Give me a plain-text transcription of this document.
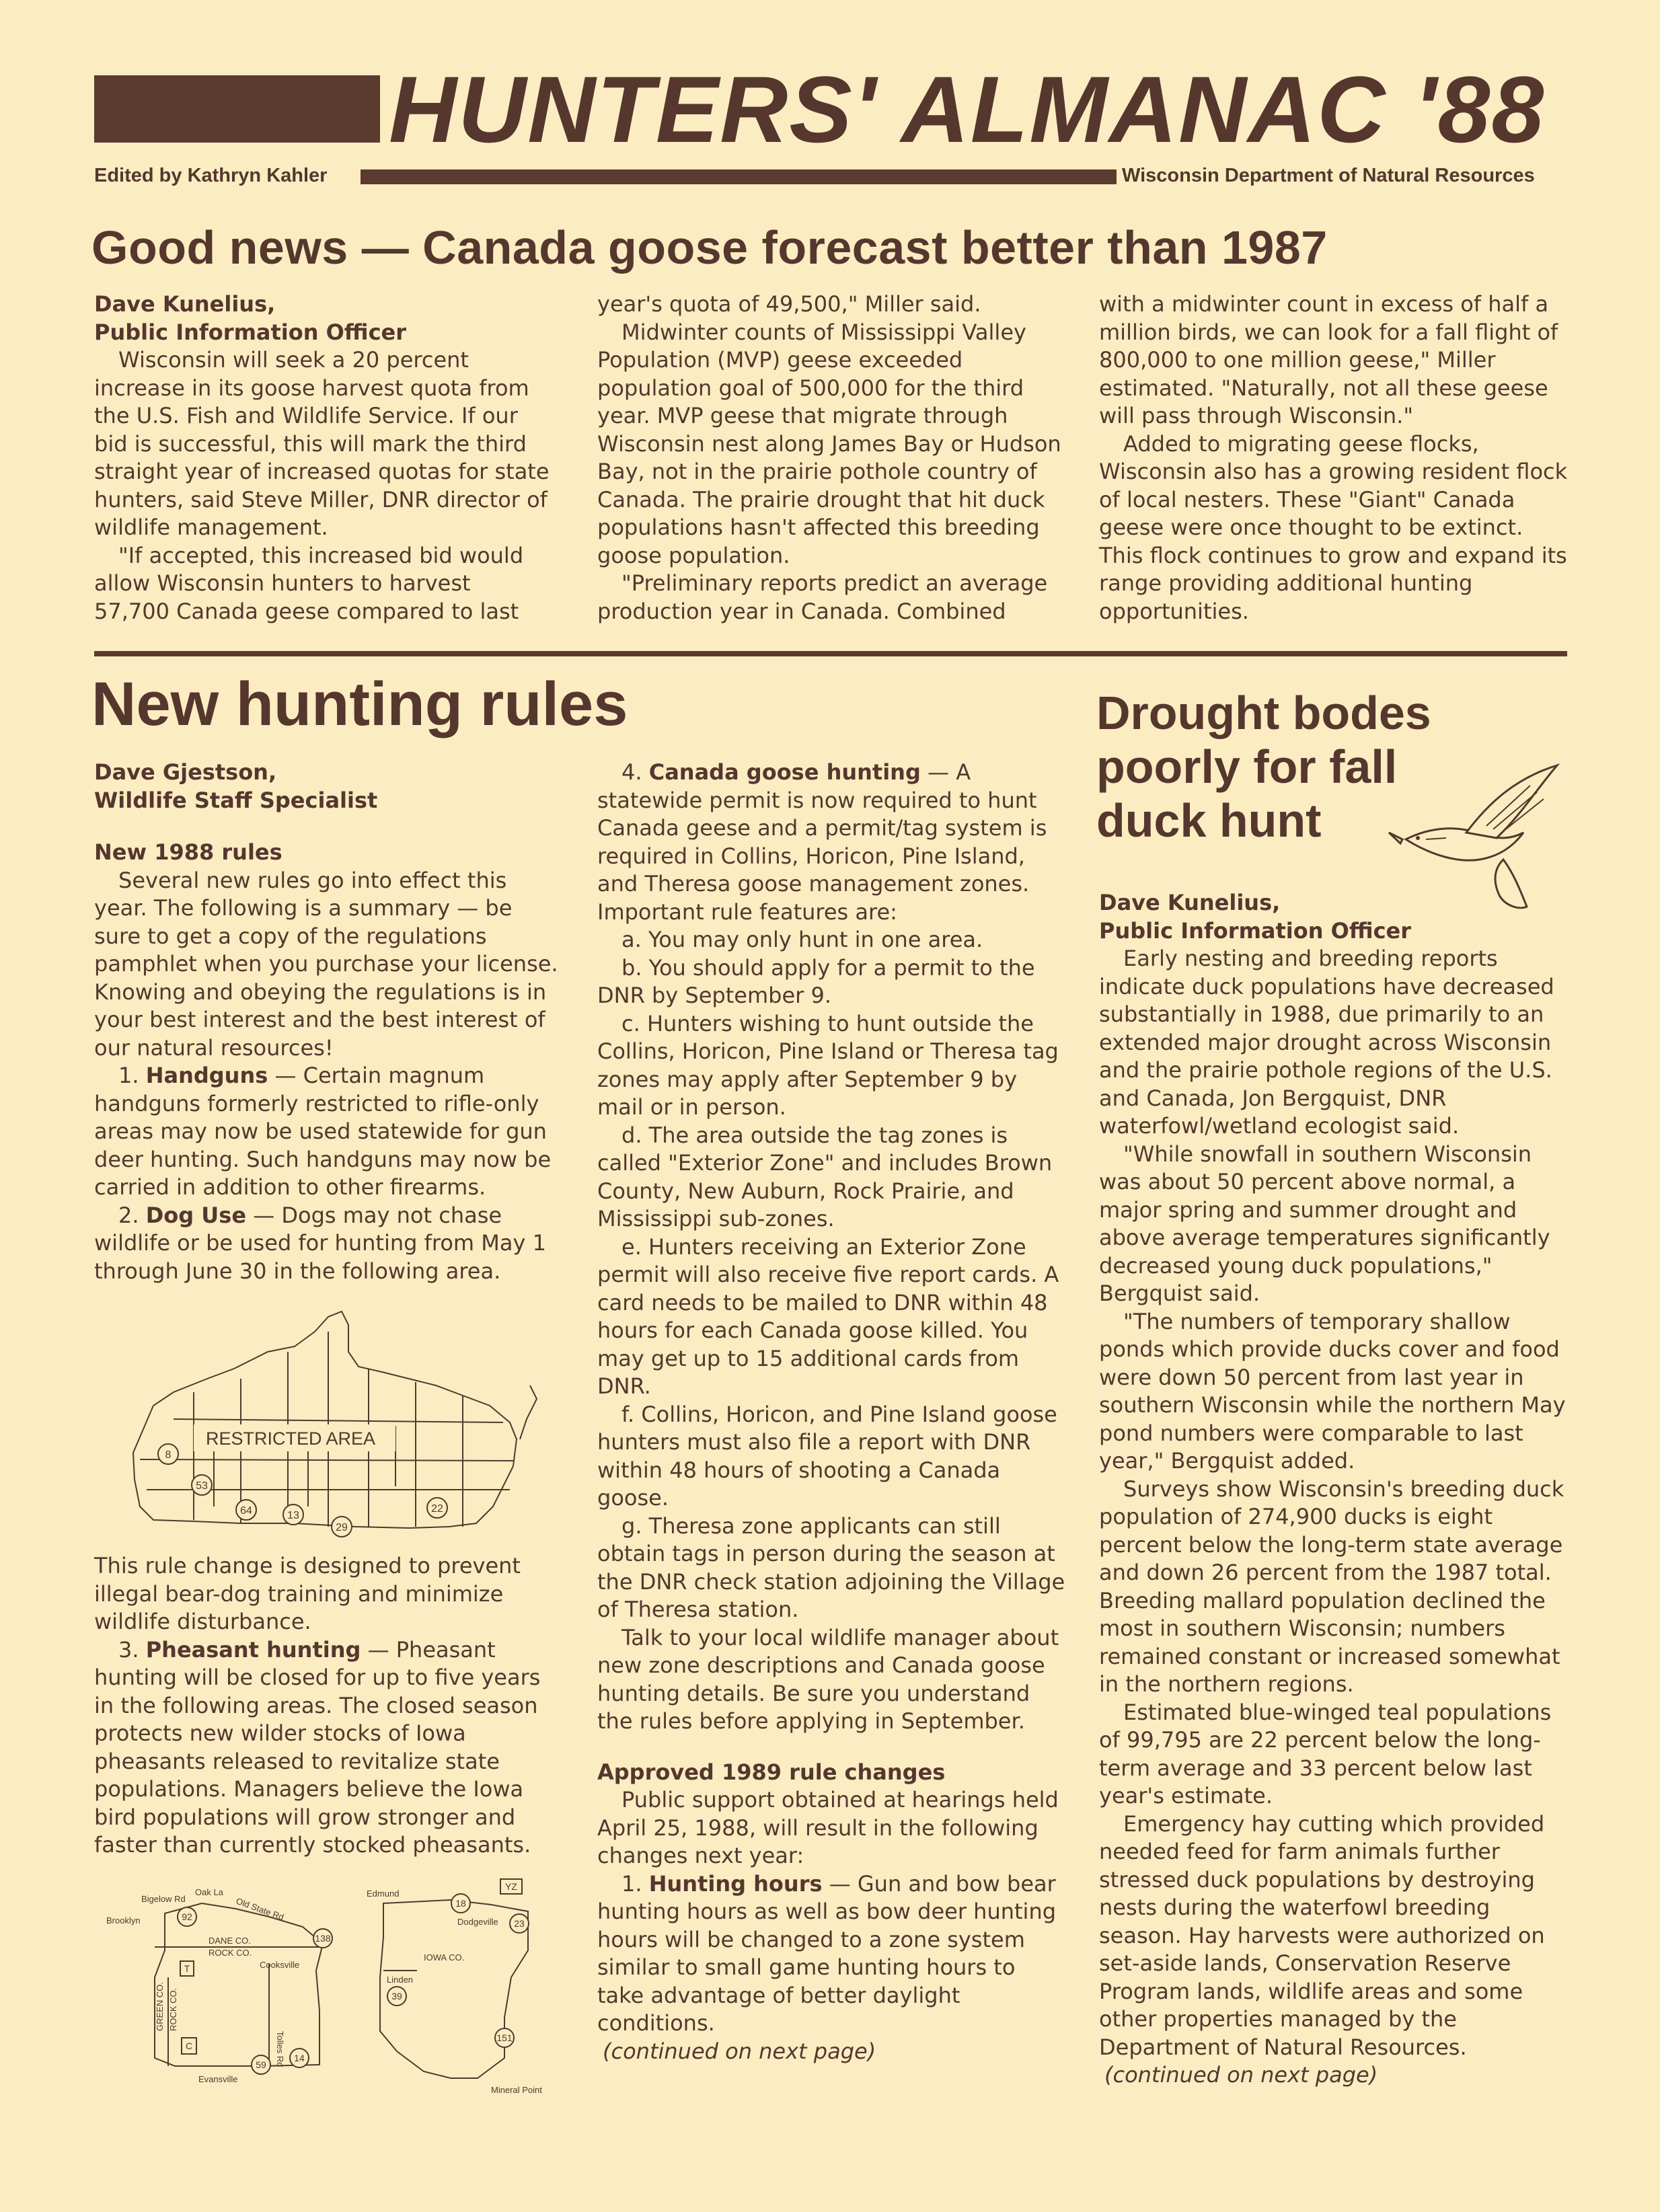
HUNTERS' ALMANAC '88
Edited by Kathryn Kahler	Wisconsin Department of Natural Resources
Good news — Canada goose forecast better than 1987

Dave Kunelius,

Public Information Officer

Wisconsin will seek a 20 percent increase in its goose harvest quota from the U.S. Fish and Wildlife Service. If our bid is successful, this will mark the third straight year of increased quotas for state hunters, said Steve Miller, DNR director of wildlife management.

"If accepted, this increased bid would allow Wisconsin hunters to harvest 57,700 Canada geese compared to last

year's quota of 49,500," Miller said.

Midwinter counts of Mississippi Valley Population (MVP) geese exceeded population goal of 500,000 for the third year. MVP geese that migrate through Wisconsin nest along James Bay or Hudson Bay, not in the prairie pothole country of Canada. The prairie drought that hit duck populations hasn't affected this breeding goose population.

"Preliminary reports predict an average production year in Canada. Combined

with a midwinter count in excess of half a million birds, we can look for a fall flight of 800,000 to one million geese," Miller estimated. "Naturally, not all these geese will pass through Wisconsin."

Added to migrating geese flocks, Wisconsin also has a growing resident flock of local nesters. These "Giant" Canada geese were once thought to be extinct. This flock continues to grow and expand its range providing additional hunting opportunities.

New hunting rules

Dave Gjestson,

Wildlife Staff Specialist

New 1988 rules

Several new rules go into effect this year. The following is a summary — be sure to get a copy of the regulations pamphlet when you purchase your license. Knowing and obeying the regulations is in your best interest and the best interest of our natural resources!

1. Handguns — Certain magnum handguns formerly restricted to rifle-only areas may now be used statewide for gun deer hunting. Such handguns may now be carried in addition to other firearms.

2. Dog Use — Dogs may not chase wildlife or be used for hunting from May 1 through June 30 in the following area.

RESTRICTED AREA
8
53
64	13
29
22

This rule change is designed to prevent illegal bear-dog training and minimize wildlife disturbance.

3. Pheasant hunting — Pheasant hunting will be closed for up to five years in the following areas. The closed season protects new wilder stocks of Iowa pheasants released to revitalize state populations. Managers believe the Iowa bird populations will grow stronger and faster than currently stocked pheasants.

92
138
59
14
C
T
18
23
39
151
YZ
Oak La
Bigelow Rd	Old State Rd
Brooklyn
DANE CO.
ROCK CO.
Cooksville
GREEN CO. ROCK CO.
Tolles Rd
Evansville
Edmund
Dodgeville
IOWA CO.
Linden
Mineral Point

4. Canada goose hunting — A statewide permit is now required to hunt Canada geese and a permit/tag system is required in Collins, Horicon, Pine Island, and Theresa goose management zones. Important rule features are:

a. You may only hunt in one area.

b. You should apply for a permit to the DNR by September 9.

c. Hunters wishing to hunt outside the Collins, Horicon, Pine Island or Theresa tag zones may apply after September 9 by mail or in person.

d. The area outside the tag zones is called "Exterior Zone" and includes Brown County, New Auburn, Rock Prairie, and Mississippi sub-zones.

e. Hunters receiving an Exterior Zone permit will also receive five report cards. A card needs to be mailed to DNR within 48 hours for each Canada goose killed. You may get up to 15 additional cards from DNR.

f. Collins, Horicon, and Pine Island goose hunters must also file a report with DNR within 48 hours of shooting a Canada goose.

g. Theresa zone applicants can still obtain tags in person during the season at the DNR check station adjoining the Village of Theresa station.

Talk to your local wildlife manager about new zone descriptions and Canada goose hunting details. Be sure you understand the rules before applying in September.

Approved 1989 rule changes

Public support obtained at hearings held April 25, 1988, will result in the following changes next year:

1. Hunting hours — Gun and bow bear hunting hours as well as bow deer hunting hours will be changed to a zone system similar to small game hunting hours to take advantage of better daylight conditions.

(continued on next page)

Drought bodes
poorly for fall
duck hunt

Dave Kunelius,

Public Information Officer

Early nesting and breeding reports indicate duck populations have decreased substantially in 1988, due primarily to an extended major drought across Wisconsin and the prairie pothole regions of the U.S. and Canada, Jon Bergquist, DNR waterfowl/wetland ecologist said.

"While snowfall in southern Wisconsin was about 50 percent above normal, a major spring and summer drought and above average temperatures significantly decreased young duck populations," Bergquist said.

"The numbers of temporary shallow ponds which provide ducks cover and food were down 50 percent from last year in southern Wisconsin while the northern May pond numbers were comparable to last year," Bergquist added.

Surveys show Wisconsin's breeding duck population of 274,900 ducks is eight percent below the long-term state average and down 26 percent from the 1987 total. Breeding mallard population declined the most in southern Wisconsin; numbers remained constant or increased somewhat in the northern regions.

Estimated blue-winged teal populations of 99,795 are 22 percent below the long-term average and 33 percent below last year's estimate.

Emergency hay cutting which provided needed feed for farm animals further stressed duck populations by destroying nests during the waterfowl breeding season. Hay harvests were authorized on set-aside lands, Conservation Reserve Program lands, wildlife areas and some other properties managed by the Department of Natural Resources.

(continued on next page)
